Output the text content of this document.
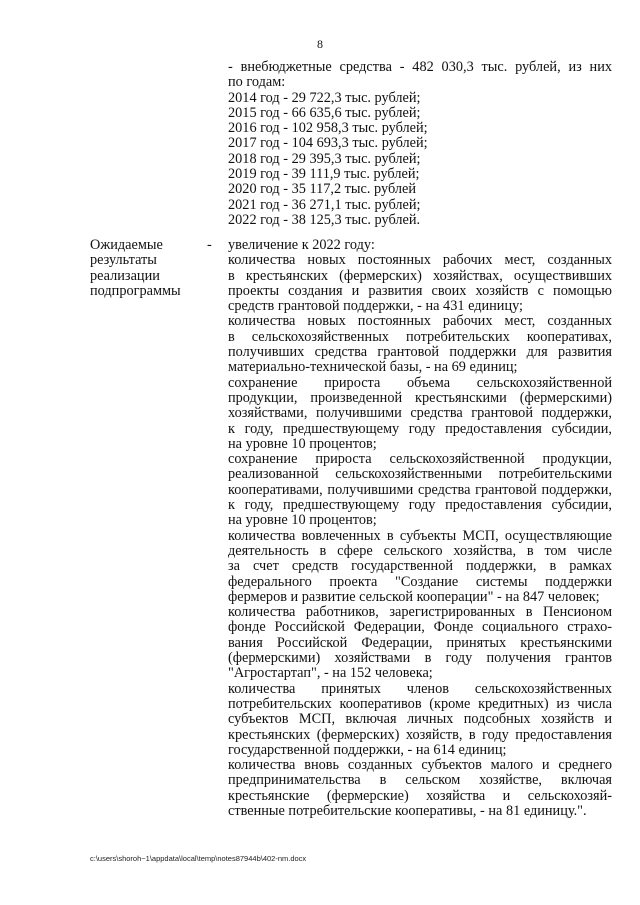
8
- внебюджетные средства - 482 030,3 тыс. рублей, из них
по годам:
2014 год - 29 722,3 тыс. рублей;
2015 год - 66 635,6 тыс. рублей;
2016 год - 102 958,3 тыс. рублей;
2017 год - 104 693,3 тыс. рублей;
2018 год - 29 395,3 тыс. рублей;
2019 год - 39 111,9 тыс. рублей;
2020 год - 35 117,2 тыс. рублей
2021 год - 36 271,1 тыс. рублей;
2022 год - 38 125,3 тыс. рублей.
Ожидаемые
результаты
реализации
подпрограммы
- увеличение к 2022 году:
количества новых постоянных рабочих мест, созданных
в крестьянских (фермерских) хозяйствах, осуществивших
проекты создания и развития своих хозяйств с помощью
средств грантовой поддержки, - на 431 единицу;
количества новых постоянных рабочих мест, созданных
в сельскохозяйственных потребительских кооперативах,
получивших средства грантовой поддержки для развития
материально-технической базы, - на 69 единиц;
сохранение прироста объема сельскохозяйственной
продукции, произведенной крестьянскими (фермерскими)
хозяйствами, получившими средства грантовой поддержки,
к году, предшествующему году предоставления субсидии,
на уровне 10 процентов;
сохранение прироста сельскохозяйственной продукции,
реализованной сельскохозяйственными потребительскими
кооперативами, получившими средства грантовой поддержки,
к году, предшествующему году предоставления субсидии,
на уровне 10 процентов;
количества вовлеченных в субъекты МСП, осуществляющие
деятельность в сфере сельского хозяйства, в том числе
за счет средств государственной поддержки, в рамках
федерального проекта "Создание системы поддержки
фермеров и развитие сельской кооперации" - на 847 человек;
количества работников, зарегистрированных в Пенсионом
фонде Российской Федерации, Фонде социального страхо-
вания Российской Федерации, принятых крестьянскими
(фермерскими) хозяйствами в году получения грантов
"Агростартап", - на 152 человека;
количества принятых членов сельскохозяйственных
потребительских кооперативов (кроме кредитных) из числа
субъектов МСП, включая личных подсобных хозяйств и
крестьянских (фермерских) хозяйств, в году предоставления
государственной поддержки, - на 614 единиц;
количества вновь созданных субъектов малого и среднего
предпринимательства в сельском хозяйстве, включая
крестьянские (фермерские) хозяйства и сельскохозяй-
ственные потребительские кооперативы, - на 81 единицу.".
c:\users\shoroh~1\appdata\local\temp\notes87944b\402-nm.docx
